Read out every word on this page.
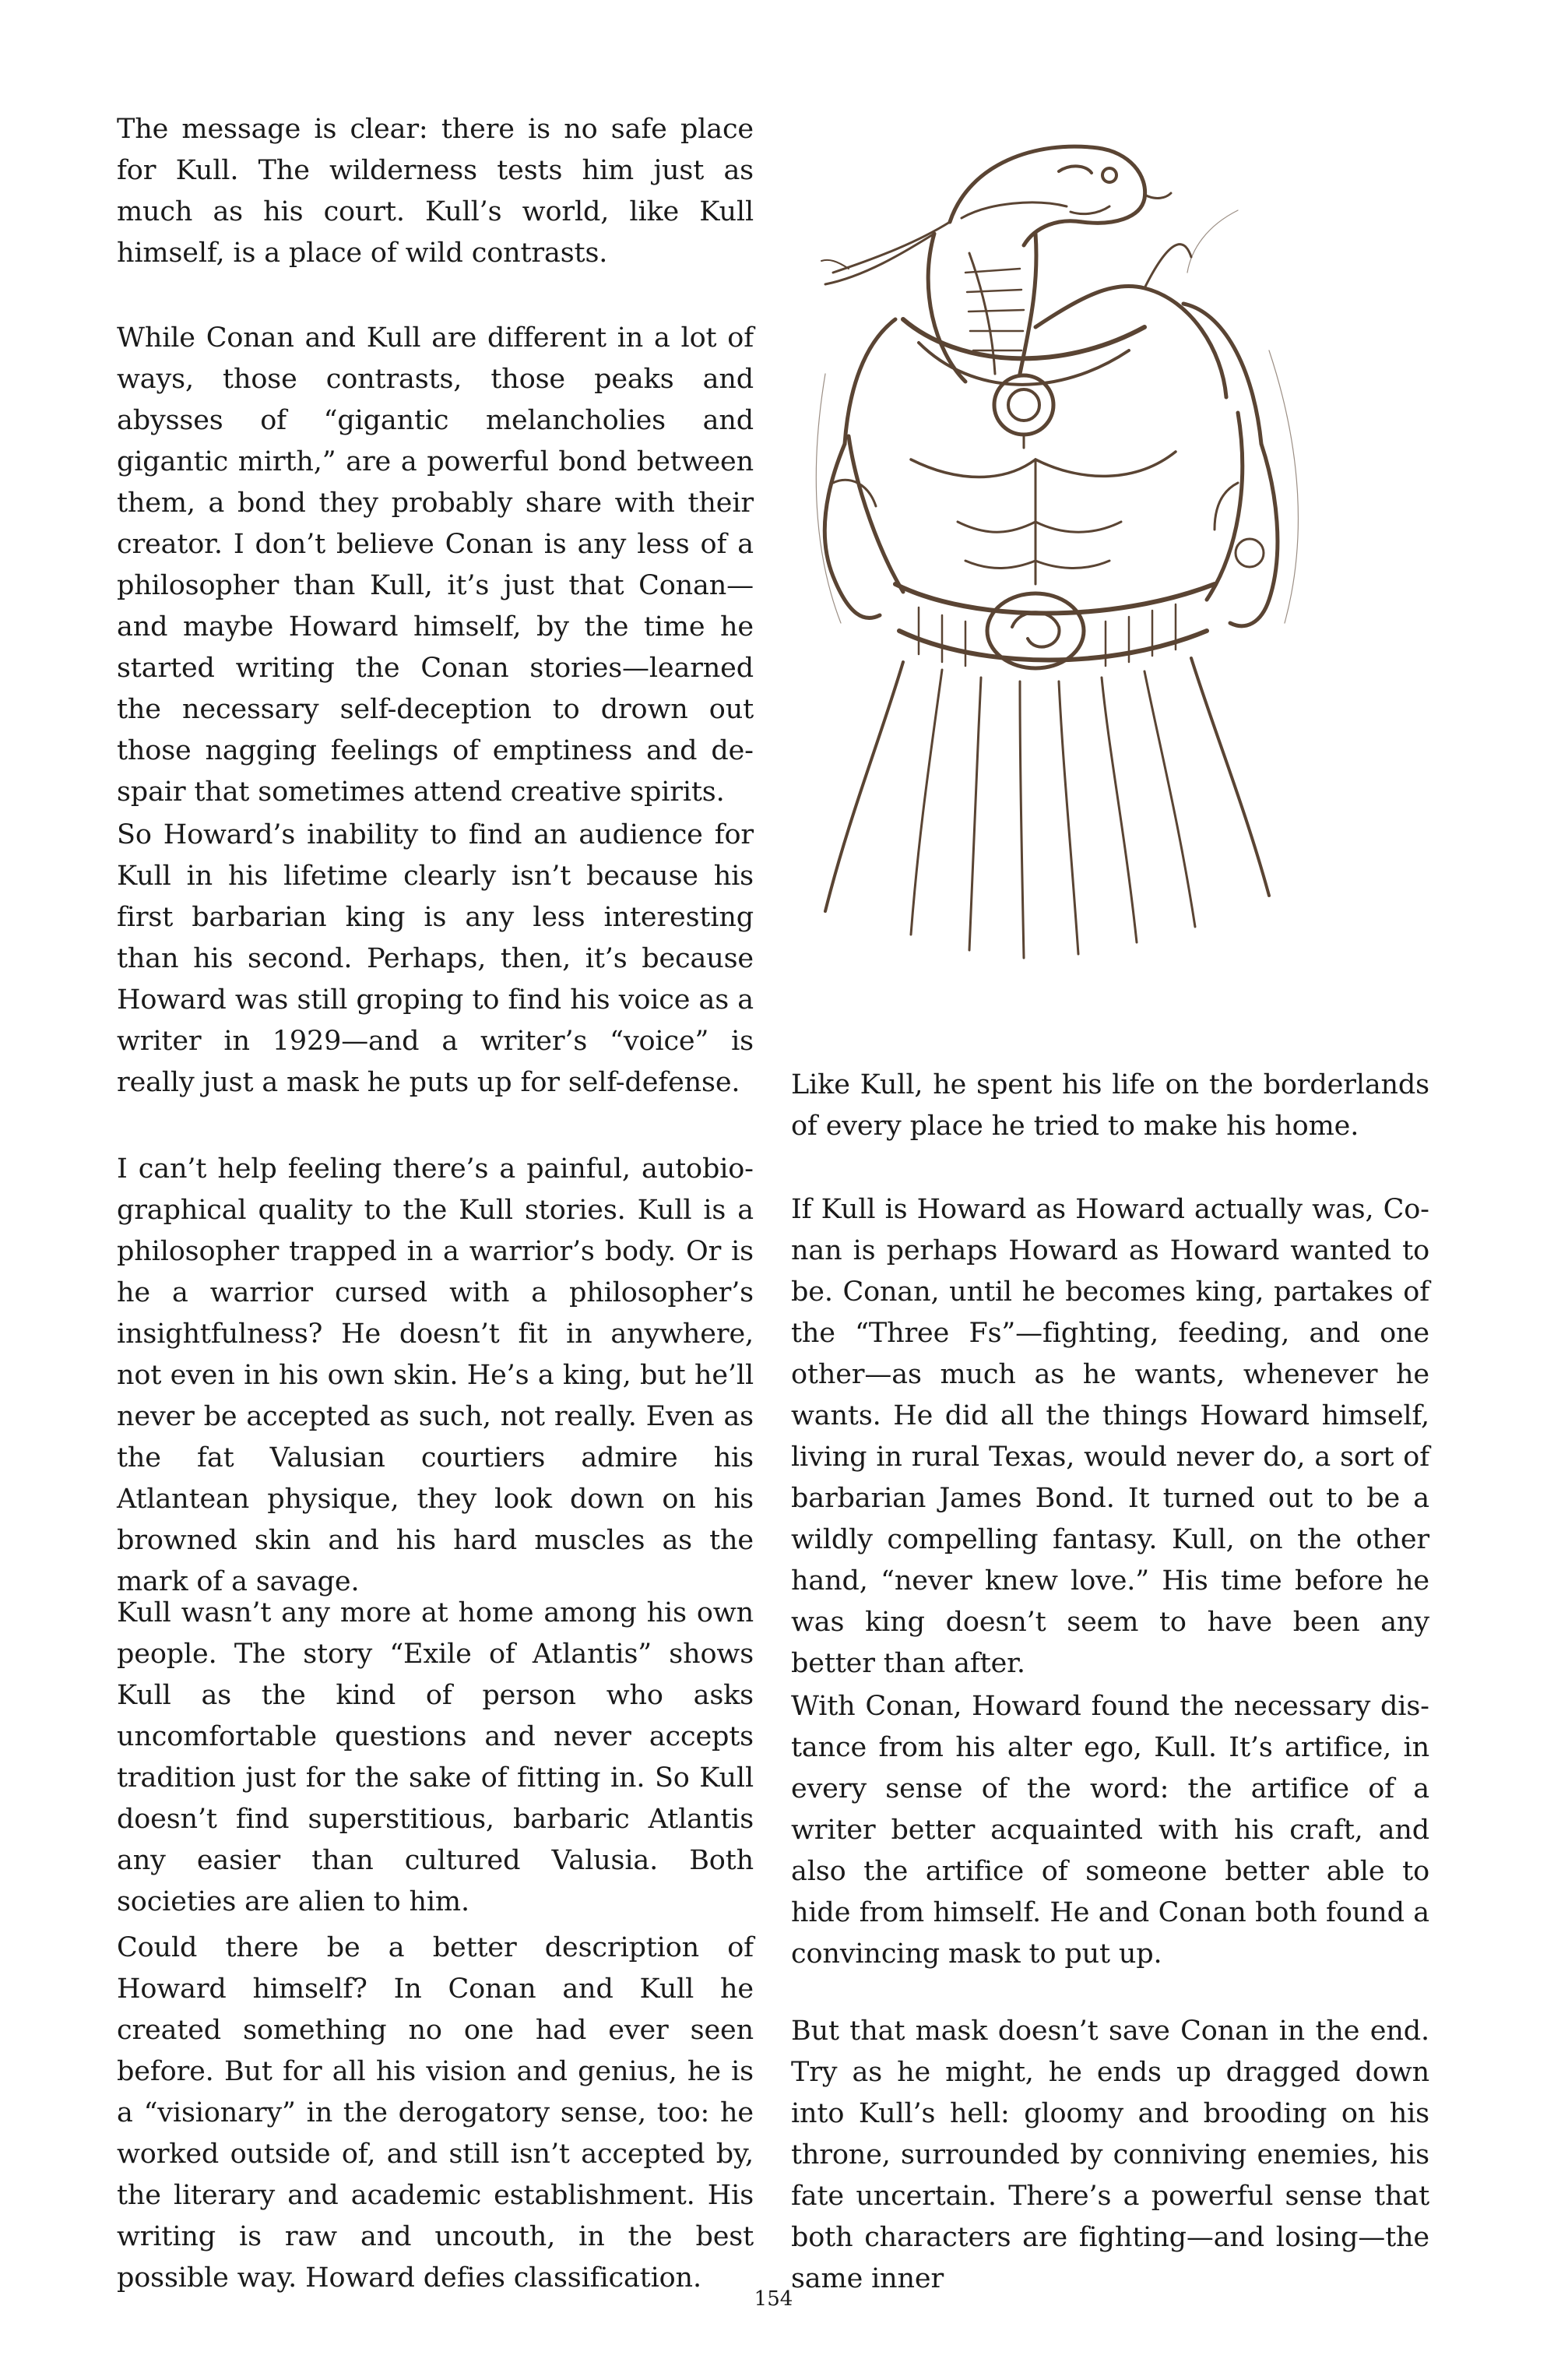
The message is clear: there is no safe place for Kull. The wilderness tests him just as much as his court. Kull’s world, like Kull himself, is a place of wild contrasts.

While Conan and Kull are different in a lot of ways, those contrasts, those peaks and abysses of “gigantic melancholies and gigantic mirth,” are a powerful bond between them, a bond they probably share with their creator. I don’t believe Conan is any less of a philosopher than Kull, it’s just that Conan—and maybe Howard himself, by the time he started writing the Conan stories—learned the necessary self-deception to drown out those nagging feelings of emptiness and despair that sometimes attend creative spirits.

So Howard’s inability to find an audience for Kull in his lifetime clearly isn’t because his first barbarian king is any less interesting than his second. Perhaps, then, it’s because Howard was still groping to find his voice as a writer in 1929—and a writer’s “voice” is really just a mask he puts up for self-defense.

I can’t help feeling there’s a painful, autobiographical quality to the Kull stories. Kull is a philosopher trapped in a warrior’s body. Or is he a warrior cursed with a philosopher’s insightfulness? He doesn’t fit in anywhere, not even in his own skin. He’s a king, but he’ll never be accepted as such, not really. Even as the fat Valusian courtiers admire his Atlantean physique, they look down on his browned skin and his hard muscles as the mark of a savage.

Kull wasn’t any more at home among his own people. The story “Exile of Atlantis” shows Kull as the kind of person who asks uncomfortable questions and never accepts tradition just for the sake of fitting in. So Kull doesn’t find superstitious, barbaric Atlantis any easier than cultured Valusia. Both societies are alien to him.

Could there be a better description of Howard himself? In Conan and Kull he created something no one had ever seen before. But for all his vision and genius, he is a “visionary” in the derogatory sense, too: he worked outside of, and still isn’t accepted by, the literary and academic establishment. His writing is raw and uncouth, in the best possible way. Howard defies classification.

Like Kull, he spent his life on the borderlands of every place he tried to make his home.

If Kull is Howard as Howard actually was, Conan is perhaps Howard as Howard wanted to be. Conan, until he becomes king, partakes of the “Three Fs”—fighting, feeding, and one other—as much as he wants, whenever he wants. He did all the things Howard himself, living in rural Texas, would never do, a sort of barbarian James Bond. It turned out to be a wildly compelling fantasy. Kull, on the other hand, “never knew love.” His time before he was king doesn’t seem to have been any better than after.

With Conan, Howard found the necessary distance from his alter ego, Kull. It’s artifice, in every sense of the word: the artifice of a writer better acquainted with his craft, and also the artifice of someone better able to hide from himself. He and Conan both found a convincing mask to put up.

But that mask doesn’t save Conan in the end. Try as he might, he ends up dragged down into Kull’s hell: gloomy and brooding on his throne, surrounded by conniving enemies, his fate uncertain. There’s a powerful sense that both characters are fighting—and losing—the same inner

154
